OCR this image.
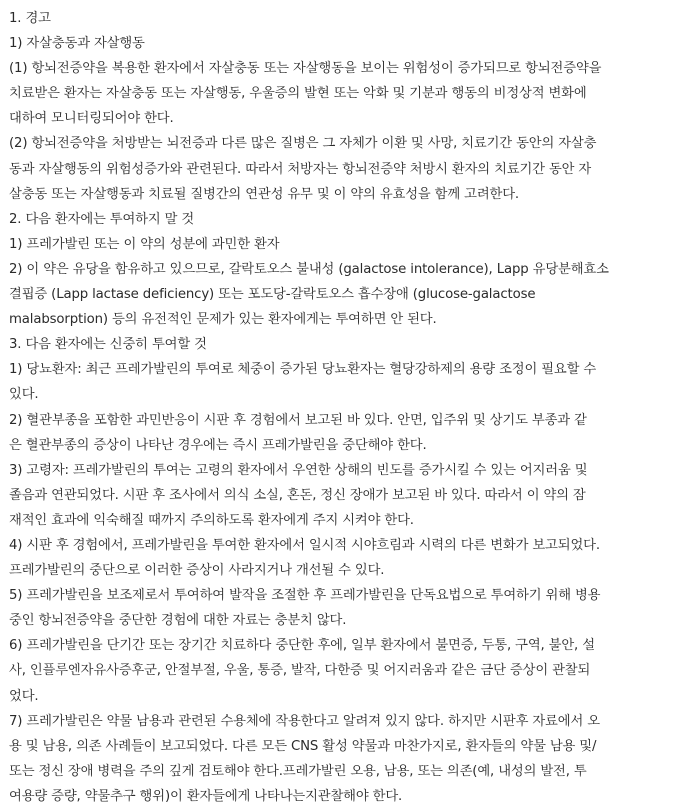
1. 경고
1) 자살충동과 자살행동
(1) 항뇌전증약을 복용한 환자에서 자살충동 또는 자살행동을 보이는 위험성이 증가되므로 항뇌전증약을
치료받은 환자는 자살충동 또는 자살행동, 우울증의 발현 또는 악화 및 기분과 행동의 비정상적 변화에
대하여 모니터링되어야 한다.
(2) 항뇌전증약을 처방받는 뇌전증과 다른 많은 질병은 그 자체가 이환 및 사망, 치료기간 동안의 자살충
동과 자살행동의 위험성증가와 관련된다. 따라서 처방자는 항뇌전증약 처방시 환자의 치료기간 동안 자
살충동 또는 자살행동과 치료될 질병간의 연관성 유무 및 이 약의 유효성을 함께 고려한다.
2. 다음 환자에는 투여하지 말 것
1) 프레가발린 또는 이 약의 성분에 과민한 환자
2) 이 약은 유당을 함유하고 있으므로, 갈락토오스 불내성 (galactose intolerance), Lapp 유당분해효소
결핍증 (Lapp lactase deficiency) 또는 포도당-갈락토오스 흡수장애 (glucose-galactose
malabsorption) 등의 유전적인 문제가 있는 환자에게는 투여하면 안 된다.
3. 다음 환자에는 신중히 투여할 것
1) 당뇨환자: 최근 프레가발린의 투여로 체중이 증가된 당뇨환자는 혈당강하제의 용량 조정이 필요할 수
있다.
2) 혈관부종을 포함한 과민반응이 시판 후 경험에서 보고된 바 있다. 안면, 입주위 및 상기도 부종과 같
은 혈관부종의 증상이 나타난 경우에는 즉시 프레가발린을 중단해야 한다.
3) 고령자: 프레가발린의 투여는 고령의 환자에서 우연한 상해의 빈도를 증가시킬 수 있는 어지러움 및
졸음과 연관되었다. 시판 후 조사에서 의식 소실, 혼돈, 정신 장애가 보고된 바 있다. 따라서 이 약의 잠
재적인 효과에 익숙해질 때까지 주의하도록 환자에게 주지 시켜야 한다.
4) 시판 후 경험에서, 프레가발린을 투여한 환자에서 일시적 시야흐림과 시력의 다른 변화가 보고되었다.
프레가발린의 중단으로 이러한 증상이 사라지거나 개선될 수 있다.
5) 프레가발린을 보조제로서 투여하여 발작을 조절한 후 프레가발린을 단독요법으로 투여하기 위해 병용
중인 항뇌전증약을 중단한 경험에 대한 자료는 충분치 않다.
6) 프레가발린을 단기간 또는 장기간 치료하다 중단한 후에, 일부 환자에서 불면증, 두통, 구역, 불안, 설
사, 인플루엔자유사증후군, 안절부절, 우울, 통증, 발작, 다한증 및 어지러움과 같은 금단 증상이 관찰되
었다.
7) 프레가발린은 약물 남용과 관련된 수용체에 작용한다고 알려져 있지 않다. 하지만 시판후 자료에서 오
용 및 남용, 의존 사례들이 보고되었다. 다른 모든 CNS 활성 약물과 마찬가지로, 환자들의 약물 남용 및/
또는 정신 장애 병력을 주의 깊게 검토해야 한다.프레가발린 오용, 남용, 또는 의존(예, 내성의 발전, 투
여용량 증량, 약물추구 행위)이 환자들에게 나타나는지관찰해야 한다.
